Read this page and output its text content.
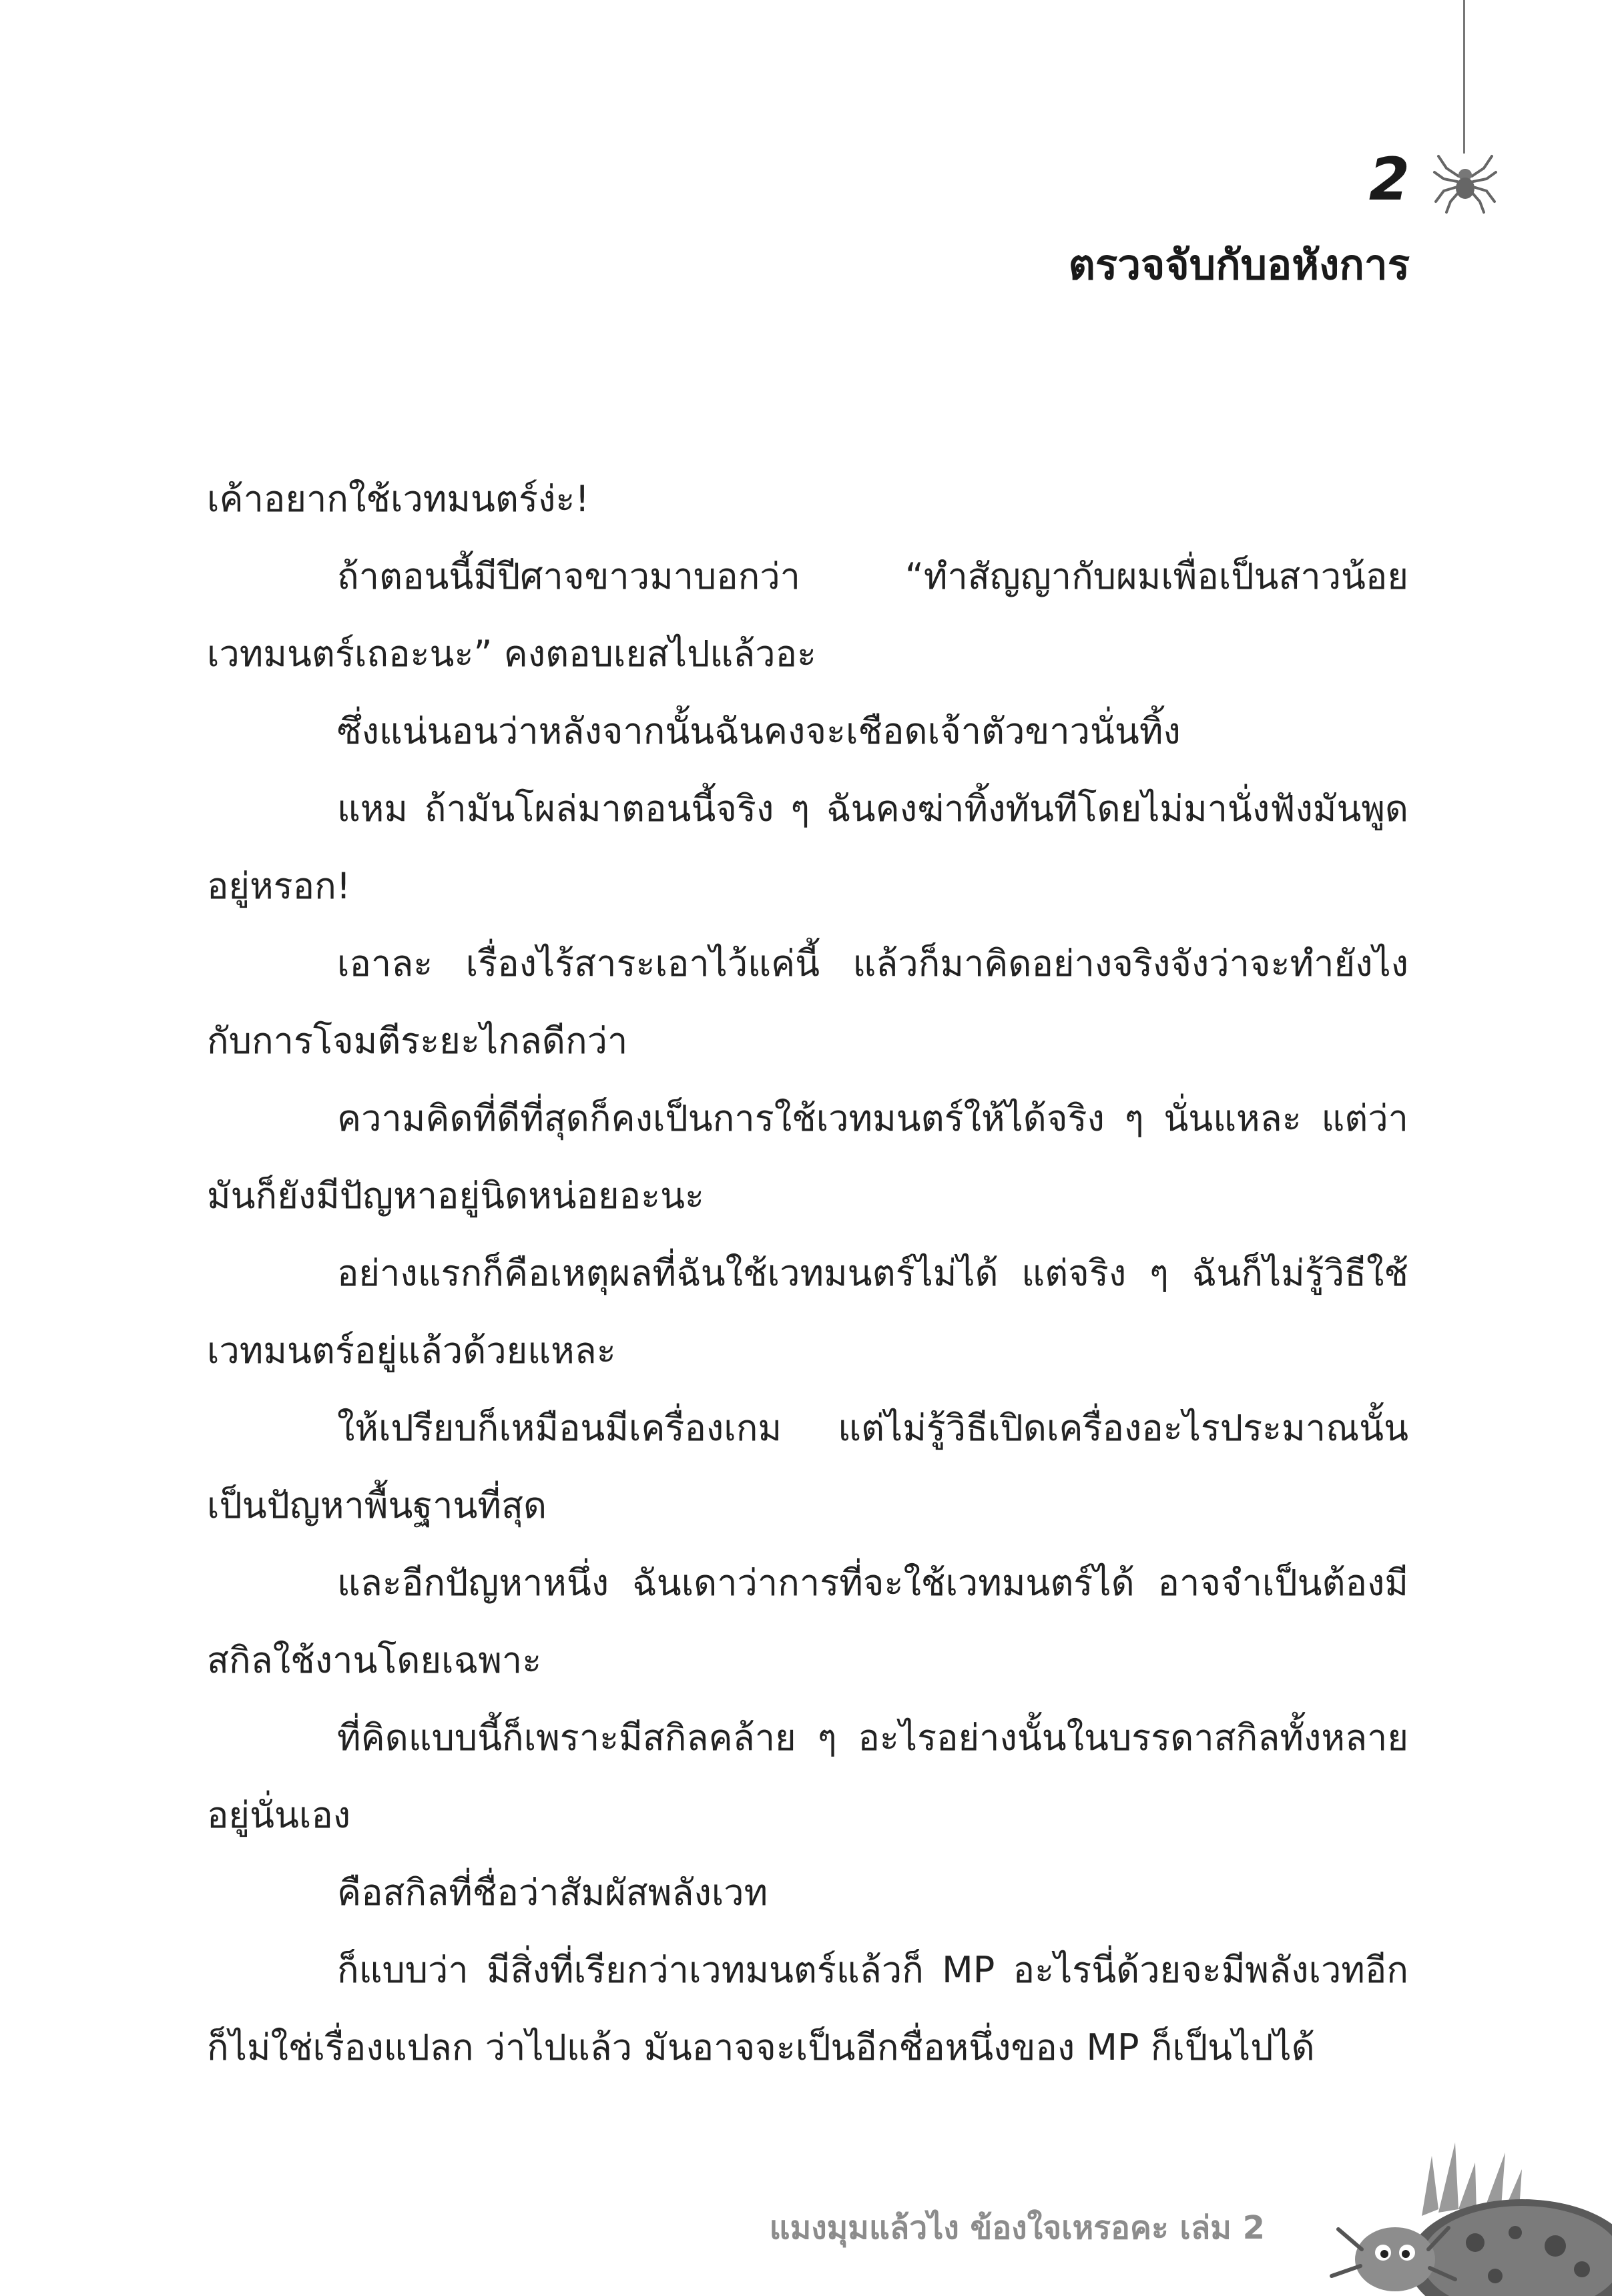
2
ตรวจจับกับอหังการ

เค้าอยากใช้เวทมนตร์ง่ะ!

ถ้าตอนนี้มีปีศาจขาวมาบอกว่า “ทำสัญญากับผมเพื่อเป็นสาวน้อยเวทมนตร์เถอะนะ” คงตอบเยสไปแล้วอะ

ซึ่งแน่นอนว่าหลังจากนั้นฉันคงจะเชือดเจ้าตัวขาวนั่นทิ้ง

แหม ถ้ามันโผล่มาตอนนี้จริง ๆ ฉันคงฆ่าทิ้งทันทีโดยไม่มานั่งฟังมันพูดอยู่หรอก!

เอาละ เรื่องไร้สาระเอาไว้แค่นี้ แล้วก็มาคิดอย่างจริงจังว่าจะทำยังไงกับการโจมตีระยะไกลดีกว่า

ความคิดที่ดีที่สุดก็คงเป็นการใช้เวทมนตร์ให้ได้จริง ๆ นั่นแหละ แต่ว่ามันก็ยังมีปัญหาอยู่นิดหน่อยอะนะ

อย่างแรกก็คือเหตุผลที่ฉันใช้เวทมนตร์ไม่ได้ แต่จริง ๆ ฉันก็ไม่รู้วิธีใช้เวทมนตร์อยู่แล้วด้วยแหละ

ให้เปรียบก็เหมือนมีเครื่องเกม แต่ไม่รู้วิธีเปิดเครื่องอะไรประมาณนั้น เป็นปัญหาพื้นฐานที่สุด

และอีกปัญหาหนึ่ง ฉันเดาว่าการที่จะใช้เวทมนตร์ได้ อาจจำเป็นต้องมีสกิลใช้งานโดยเฉพาะ

ที่คิดแบบนี้ก็เพราะมีสกิลคล้าย ๆ อะไรอย่างนั้นในบรรดาสกิลทั้งหลายอยู่นั่นเอง

คือสกิลที่ชื่อว่าสัมผัสพลังเวท

ก็แบบว่า มีสิ่งที่เรียกว่าเวทมนตร์แล้วก็ MP อะไรนี่ด้วยจะมีพลังเวทอีกก็ไม่ใช่เรื่องแปลก ว่าไปแล้ว มันอาจจะเป็นอีกชื่อหนึ่งของ MP ก็เป็นไปได้

แมงมุมแล้วไง ข้องใจเหรอคะ เล่ม 2
